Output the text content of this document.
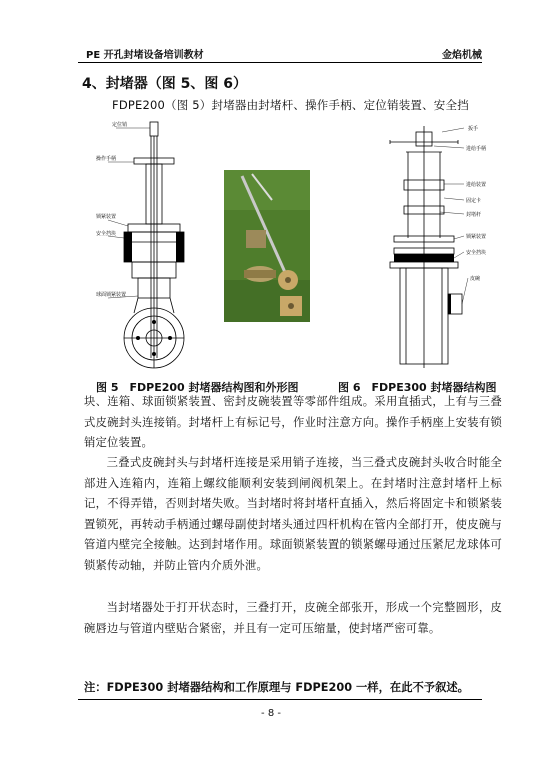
PE 开孔封堵设备培训教材	金焰机械
4、封堵器（图 5、图 6）
FDPE200（图 5）封堵器由封堵杆、操作手柄、定位销装置、安全挡
定位销
操作手柄
锁紧装置
安全挡块
球面锁紧装置
扳手
进给手柄
进给装置
固定卡
封堵杆
锁紧装置
安全挡块
皮碗
图 5　FDPE200 封堵器结构图和外形图	图 6　FDPE300 封堵器结构图
块、连箱、球面锁紧装置、密封皮碗装置等零部件组成。采用直插式，上有与三叠式皮碗封头连接销。封堵杆上有标记号，作业时注意方向。操作手柄座上安装有锁销定位装置。
三叠式皮碗封头与封堵杆连接是采用销子连接，当三叠式皮碗封头收合时能全部进入连箱内，连箱上螺纹能顺利安装到闸阀机架上。在封堵时注意封堵杆上标记，不得弄错，否则封堵失败。当封堵时将封堵杆直插入，然后将固定卡和锁紧装置锁死，再转动手柄通过螺母副使封堵头通过四杆机构在管内全部打开，使皮碗与管道内壁完全接触。达到封堵作用。球面锁紧装置的锁紧螺母通过压紧尼龙球体可锁紧传动轴，并防止管内介质外泄。
当封堵器处于打开状态时，三叠打开，皮碗全部张开，形成一个完整圆形，皮碗唇边与管道内壁贴合紧密，并且有一定可压缩量，使封堵严密可靠。
注：FDPE300 封堵器结构和工作原理与 FDPE200 一样，在此不予叙述。
- 8 -
